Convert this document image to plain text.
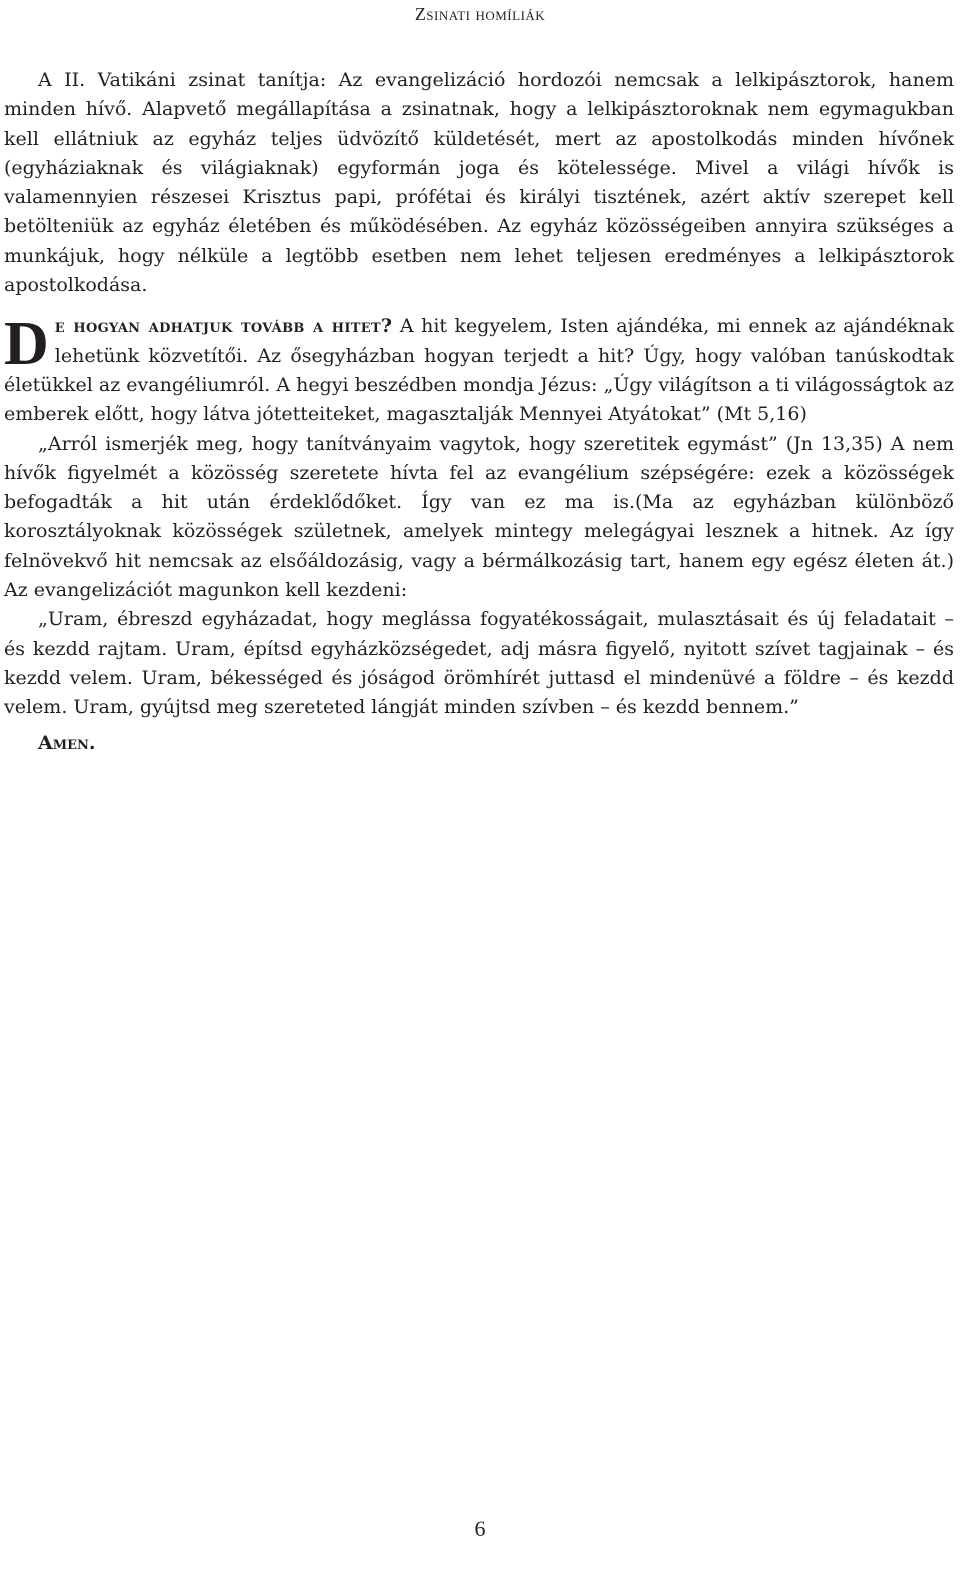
Zsinati homíliák

A II. Vatikáni zsinat tanítja: Az evangelizáció hordozói nemcsak a lelkipásztorok, hanem minden hívő. Alapvető megállapítása a zsinatnak, hogy a lelkipásztoroknak nem egymagukban kell ellátniuk az egyház teljes üdvözítő küldetését, mert az apostolkodás minden hívőnek (egyháziaknak és világiaknak) egyformán joga és kötelessége. Mivel a világi hívők is valamennyien részesei Krisztus papi, prófétai és királyi tisztének, azért aktív szerepet kell betölteniük az egyház életében és működésében. Az egyház közösségeiben annyira szükséges a munkájuk, hogy nélküle a legtöbb esetben nem lehet teljesen eredményes a lelkipásztorok apostolkodása.

De hogyan adhatjuk tovább a hitet? A hit kegyelem, Isten ajándéka, mi ennek az ajándéknak lehetünk közvetítői. Az ősegyházban hogyan terjedt a hit? Úgy, hogy valóban tanúskodtak életükkel az evangéliumról. A hegyi beszédben mondja Jézus: „Úgy világítson a ti világosságtok az emberek előtt, hogy látva jótetteiteket, magasztalják Mennyei Atyátokat” (Mt 5,16)

„Arról ismerjék meg, hogy tanítványaim vagytok, hogy szeretitek egymást” (Jn 13,35) A nem hívők figyelmét a közösség szeretete hívta fel az evangélium szépségére: ezek a közösségek befogadták a hit után érdeklődőket. Így van ez ma is.(Ma az egyházban különböző korosztályoknak közösségek születnek, amelyek mintegy melegágyai lesznek a hitnek. Az így felnövekvő hit nemcsak az elsőáldozásig, vagy a bérmálkozásig tart, hanem egy egész életen át.) Az evangelizációt magunkon kell kezdeni:

„Uram, ébreszd egyházadat, hogy meglássa fogyatékosságait, mulasztásait és új feladatait – és kezdd rajtam. Uram, építsd egyházközségedet, adj másra figyelő, nyitott szívet tagjainak – és kezdd velem. Uram, békességed és jóságod örömhírét juttasd el mindenüvé a földre – és kezdd velem. Uram, gyújtsd meg szereteted lángját minden szívben – és kezdd bennem.”

Amen.
6
